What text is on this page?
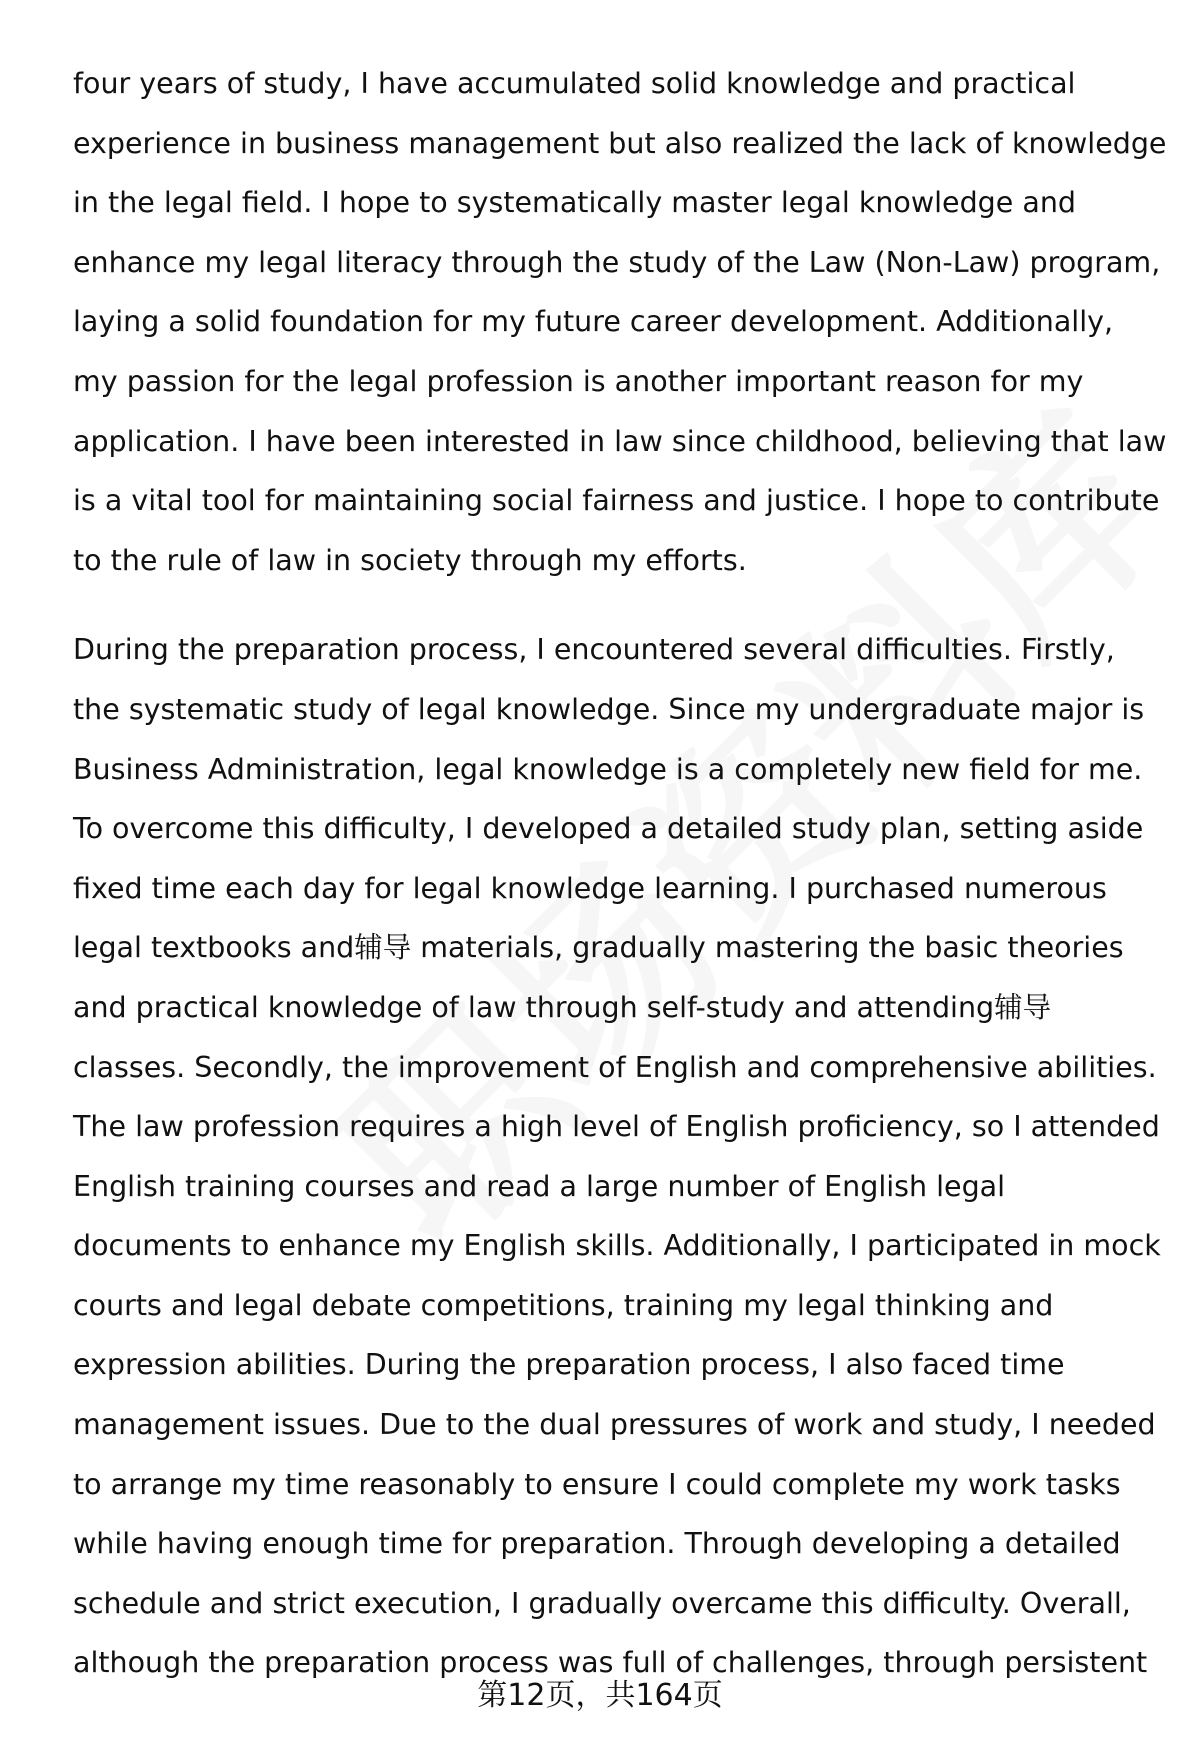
four years of study, I have accumulated solid knowledge and practical

experience in business management but also realized the lack of knowledge

in the legal field. I hope to systematically master legal knowledge and

enhance my legal literacy through the study of the Law (Non-Law) program,

laying a solid foundation for my future career development. Additionally,

my passion for the legal profession is another important reason for my

application. I have been interested in law since childhood, believing that law

is a vital tool for maintaining social fairness and justice. I hope to contribute

to the rule of law in society through my efforts.

During the preparation process, I encountered several difficulties. Firstly,

the systematic study of legal knowledge. Since my undergraduate major is

Business Administration, legal knowledge is a completely new field for me.

To overcome this difficulty, I developed a detailed study plan, setting aside

fixed time each day for legal knowledge learning. I purchased numerous

legal textbooks and辅导 materials, gradually mastering the basic theories

and practical knowledge of law through self-study and attending辅导

classes. Secondly, the improvement of English and comprehensive abilities.

The law profession requires a high level of English proficiency, so I attended

English training courses and read a large number of English legal

documents to enhance my English skills. Additionally, I participated in mock

courts and legal debate competitions, training my legal thinking and

expression abilities. During the preparation process, I also faced time

management issues. Due to the dual pressures of work and study, I needed

to arrange my time reasonably to ensure I could complete my work tasks

while having enough time for preparation. Through developing a detailed

schedule and strict execution, I gradually overcame this difficulty. Overall,

although the preparation process was full of challenges, through persistent

第12页，共164页
